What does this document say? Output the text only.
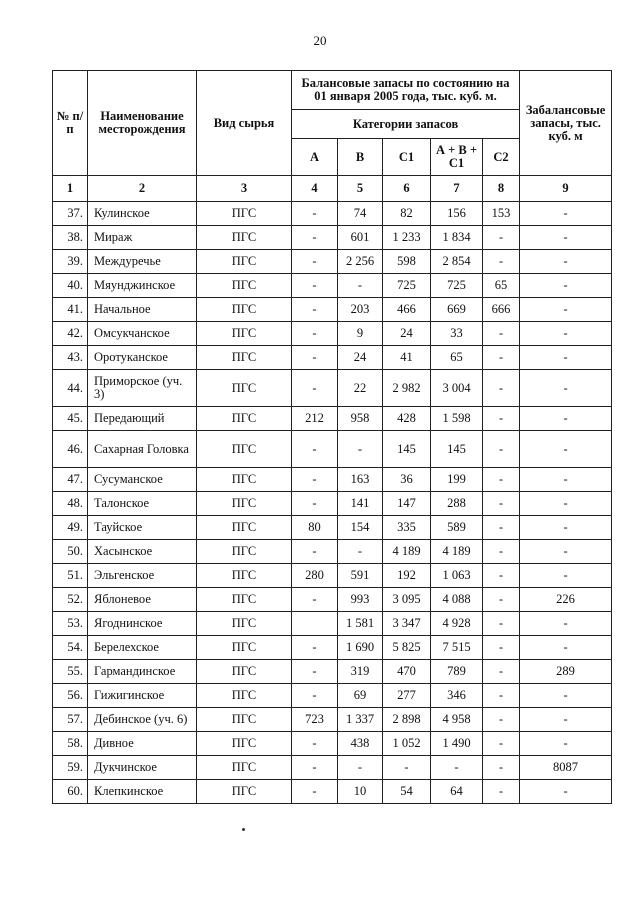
20
№ п/п	Наименование месторождения	Вид сырья	Балансовые запасы по состоянию на 01 января 2005 года, тыс. куб. м.					Забалансовые запасы, тыс. куб. м
			Категории запасов					
			А	В	С1	А + В + С1	С2	
1	2	3	4	5	6	7	8	9
37.	Кулинское	ПГС	-	74	82	156	153	-
38.	Мираж	ПГС	-	601	1 233	1 834	-	-
39.	Междуречье	ПГС	-	2 256	598	2 854	-	-
40.	Мяунджинское	ПГС	-	-	725	725	65	-
41.	Начальное	ПГС	-	203	466	669	666	-
42.	Омсукчанское	ПГС	-	9	24	33	-	-
43.	Оротуканское	ПГС	-	24	41	65	-	-
44.	Приморское (уч. 3)	ПГС	-	22	2 982	3 004	-	-
45.	Передающий	ПГС	212	958	428	1 598	-	-
46.	Сахарная Головка	ПГС	-	-	145	145	-	-
47.	Сусуманское	ПГС	-	163	36	199	-	-
48.	Талонское	ПГС	-	141	147	288	-	-
49.	Тауйское	ПГС	80	154	335	589	-	-
50.	Хасынское	ПГС	-	-	4 189	4 189	-	-
51.	Эльгенское	ПГС	280	591	192	1 063	-	-
52.	Яблоневое	ПГС	-	993	3 095	4 088	-	226
53.	Ягоднинское	ПГС		1 581	3 347	4 928	-	-
54.	Берелехское	ПГС	-	1 690	5 825	7 515	-	-
55.	Гармандинское	ПГС	-	319	470	789	-	289
56.	Гижигинское	ПГС	-	69	277	346	-	-
57.	Дебинское (уч. 6)	ПГС	723	1 337	2 898	4 958	-	-
58.	Дивное	ПГС	-	438	1 052	1 490	-	-
59.	Дукчинское	ПГС	-	-	-	-	-	8087
60.	Клепкинское	ПГС	-	10	54	64	-	-
